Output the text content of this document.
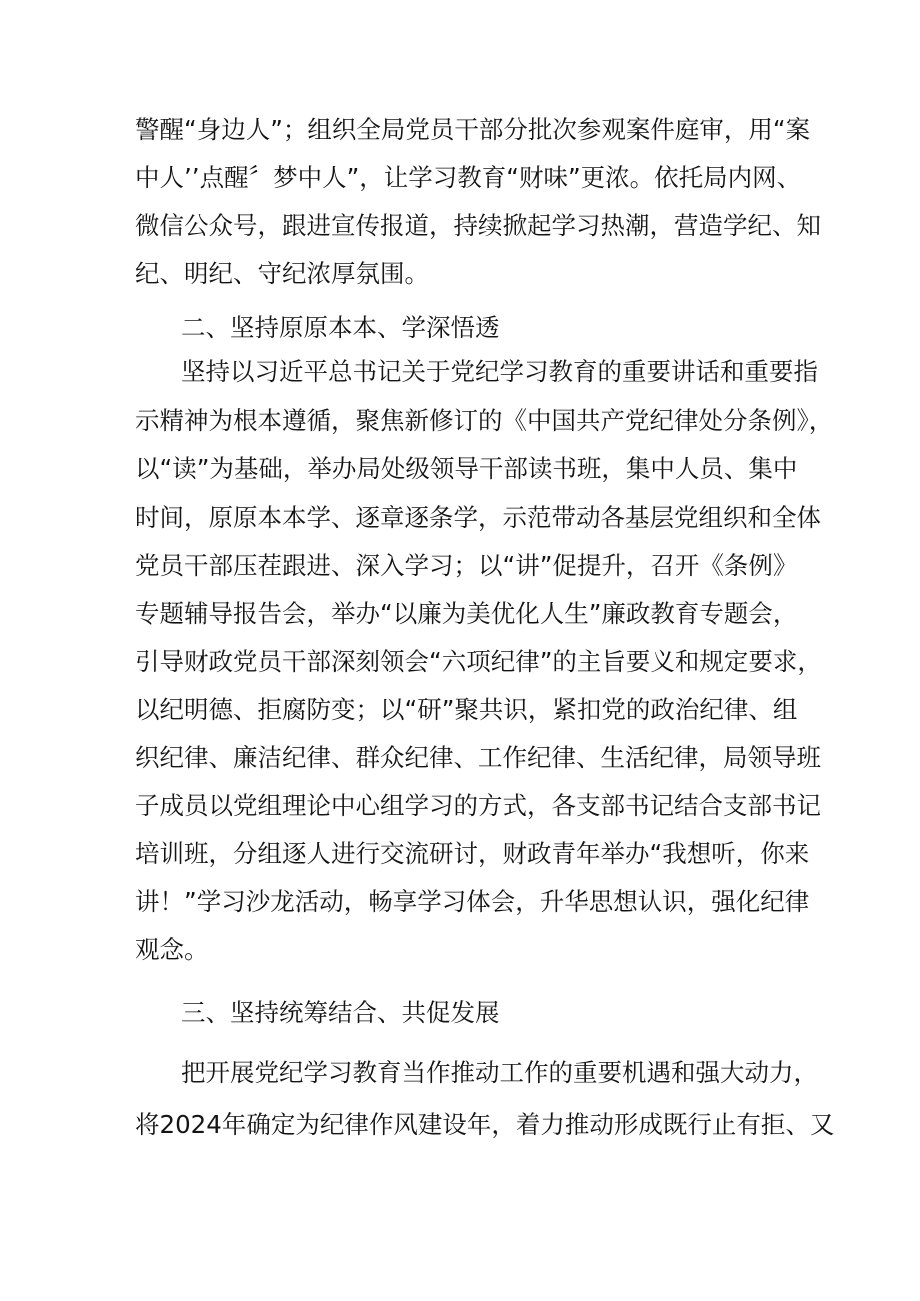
警醒“身边人”；组织全局党员干部分批次参观案件庭审，用“案
中人’’点醒〞梦中人”，让学习教育“财味”更浓。依托局内网、
微信公众号，跟进宣传报道，持续掀起学习热潮，营造学纪、知
纪、明纪、守纪浓厚氛围。
二、坚持原原本本、学深悟透
坚持以习近平总书记关于党纪学习教育的重要讲话和重要指
示精神为根本遵循，聚焦新修订的《中国共产党纪律处分条例》，
以“读”为基础，举办局处级领导干部读书班，集中人员、集中
时间，原原本本学、逐章逐条学，示范带动各基层党组织和全体
党员干部压茬跟进、深入学习；以“讲”促提升，召开《条例》
专题辅导报告会，举办“以廉为美优化人生”廉政教育专题会，
引导财政党员干部深刻领会“六项纪律”的主旨要义和规定要求，
以纪明德、拒腐防变；以“研”聚共识，紧扣党的政治纪律、组
织纪律、廉洁纪律、群众纪律、工作纪律、生活纪律，局领导班
子成员以党组理论中心组学习的方式，各支部书记结合支部书记
培训班，分组逐人进行交流研讨，财政青年举办“我想听，你来
讲！”学习沙龙活动，畅享学习体会，升华思想认识，强化纪律
观念。
三、坚持统筹结合、共促发展
把开展党纪学习教育当作推动工作的重要机遇和强大动力，
将2024年确定为纪律作风建设年，着力推动形成既行止有拒、又
